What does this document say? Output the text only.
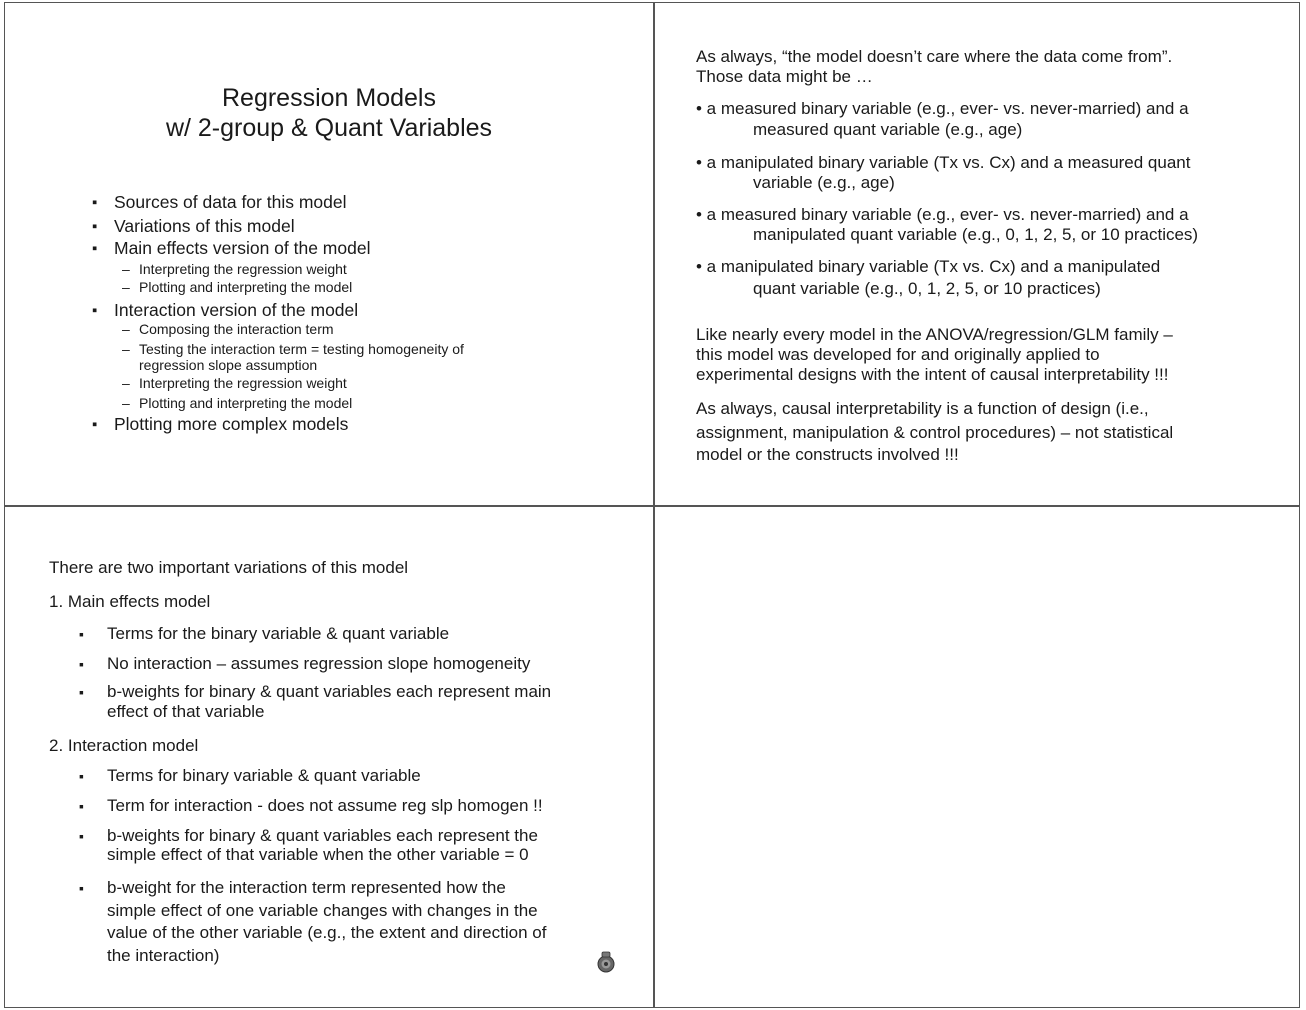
Regression Models
w/ 2-group & Quant Variables
▪ Sources of data for this model
▪ Variations of this model
▪ Main effects version of the model
– Interpreting the regression weight
– Plotting and interpreting the model
▪ Interaction version of the model
– Composing the interaction term
– Testing the interaction term = testing homogeneity of
regression slope assumption
– Interpreting the regression weight
– Plotting and interpreting the model
▪ Plotting more complex models
As always, “the model doesn’t care where the data come from”.
Those data might be …
• a measured binary variable (e.g., ever- vs. never-married) and a
measured quant variable (e.g., age)
• a manipulated binary variable (Tx vs. Cx) and a measured quant
variable (e.g., age)
• a measured binary variable (e.g., ever- vs. never-married) and a
manipulated quant variable (e.g., 0, 1, 2, 5, or 10 practices)
• a manipulated binary variable (Tx vs. Cx) and a manipulated
quant variable (e.g., 0, 1, 2, 5, or 10 practices)
Like nearly every model in the ANOVA/regression/GLM family –
this model was developed for and originally applied to
experimental designs with the intent of causal interpretability !!!
As always, causal interpretability is a function of design (i.e.,
assignment, manipulation & control procedures) – not statistical
model or the constructs involved !!!
There are two important variations of this model
1. Main effects model
▪ Terms for the binary variable & quant variable
▪ No interaction – assumes regression slope homogeneity
▪ b-weights for binary & quant variables each represent main
effect of that variable
2. Interaction model
▪ Terms for binary variable & quant variable
▪ Term for interaction - does not assume reg slp homogen !!
▪ b-weights for binary & quant variables each represent the
simple effect of that variable when the other variable = 0
▪ b-weight for the interaction term represented how the
simple effect of one variable changes with changes in the
value of the other variable (e.g., the extent and direction of
the interaction)
